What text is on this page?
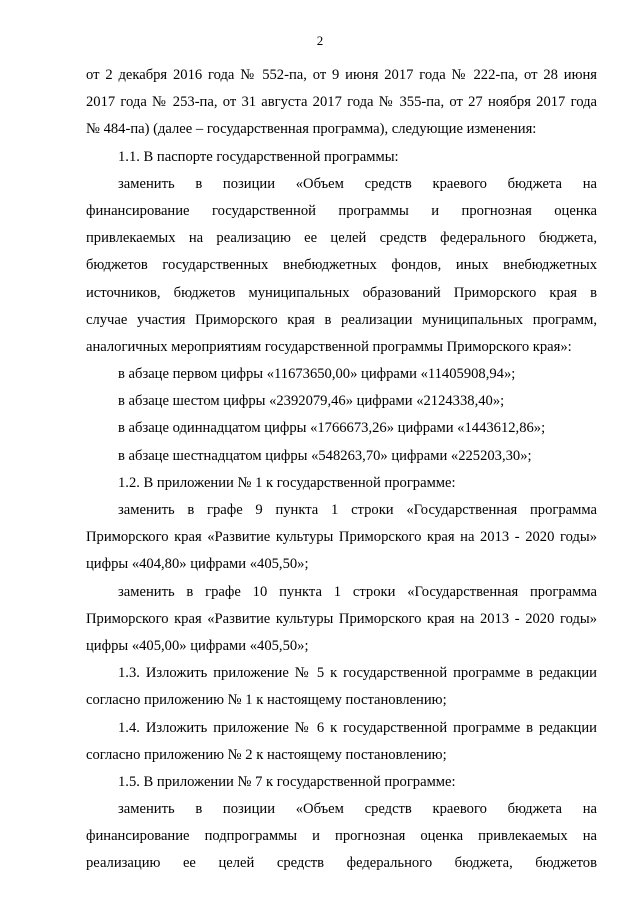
2
от 2 декабря 2016 года № 552-па, от 9 июня 2017 года № 222-па, от 28 июня
2017 года № 253-па, от 31 августа 2017 года № 355-па, от 27 ноября 2017 года
№ 484-па) (далее – государственная программа), следующие изменения:
1.1. В паспорте государственной программы:
заменить в позиции «Объем средств краевого бюджета на
финансирование государственной программы и прогнозная оценка
привлекаемых на реализацию ее целей средств федерального бюджета,
бюджетов государственных внебюджетных фондов, иных внебюджетных
источников, бюджетов муниципальных образований Приморского края в
случае участия Приморского края в реализации муниципальных программ,
аналогичных мероприятиям государственной программы Приморского края»:
в абзаце первом цифры «11673650,00» цифрами «11405908,94»;
в абзаце шестом цифры «2392079,46» цифрами «2124338,40»;
в абзаце одиннадцатом цифры «1766673,26» цифрами «1443612,86»;
в абзаце шестнадцатом цифры «548263,70» цифрами «225203,30»;
1.2. В приложении № 1 к государственной программе:
заменить в графе 9 пункта 1 строки «Государственная программа
Приморского края «Развитие культуры Приморского края на 2013 - 2020 годы»
цифры «404,80» цифрами «405,50»;
заменить в графе 10 пункта 1 строки «Государственная программа
Приморского края «Развитие культуры Приморского края на 2013 - 2020 годы»
цифры «405,00» цифрами «405,50»;
1.3. Изложить приложение № 5 к государственной программе в редакции
согласно приложению № 1 к настоящему постановлению;
1.4. Изложить приложение № 6 к государственной программе в редакции
согласно приложению № 2 к настоящему постановлению;
1.5. В приложении № 7 к государственной программе:
заменить в позиции «Объем средств краевого бюджета на
финансирование подпрограммы и прогнозная оценка привлекаемых на
реализацию ее целей средств федерального бюджета, бюджетов
